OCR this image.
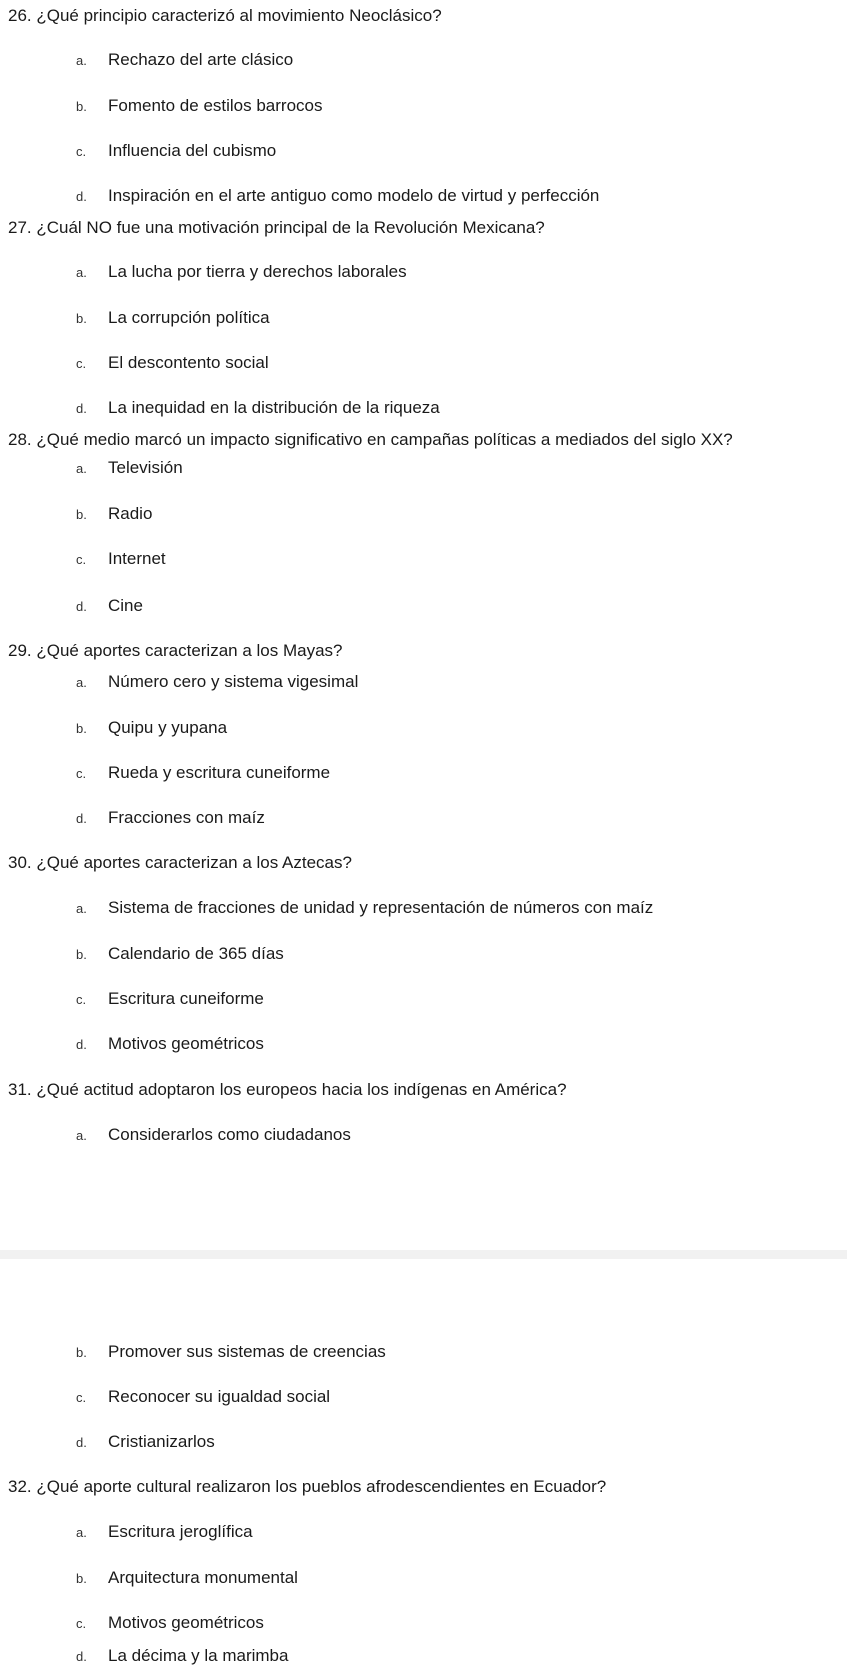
26. ¿Qué principio caracterizó al movimiento Neoclásico?
a. Rechazo del arte clásico
b. Fomento de estilos barrocos
c. Influencia del cubismo
d. Inspiración en el arte antiguo como modelo de virtud y perfección
27. ¿Cuál NO fue una motivación principal de la Revolución Mexicana?
a. La lucha por tierra y derechos laborales
b. La corrupción política
c. El descontento social
d. La inequidad en la distribución de la riqueza
28. ¿Qué medio marcó un impacto significativo en campañas políticas a mediados del siglo XX?
a. Televisión
b. Radio
c. Internet
d. Cine
29. ¿Qué aportes caracterizan a los Mayas?
a. Número cero y sistema vigesimal
b. Quipu y yupana
c. Rueda y escritura cuneiforme
d. Fracciones con maíz
30. ¿Qué aportes caracterizan a los Aztecas?
a. Sistema de fracciones de unidad y representación de números con maíz
b. Calendario de 365 días
c. Escritura cuneiforme
d. Motivos geométricos
31. ¿Qué actitud adoptaron los europeos hacia los indígenas en América?
a. Considerarlos como ciudadanos
b. Promover sus sistemas de creencias
c. Reconocer su igualdad social
d. Cristianizarlos
32. ¿Qué aporte cultural realizaron los pueblos afrodescendientes en Ecuador?
a. Escritura jeroglífica
b. Arquitectura monumental
c. Motivos geométricos
d. La décima y la marimba
